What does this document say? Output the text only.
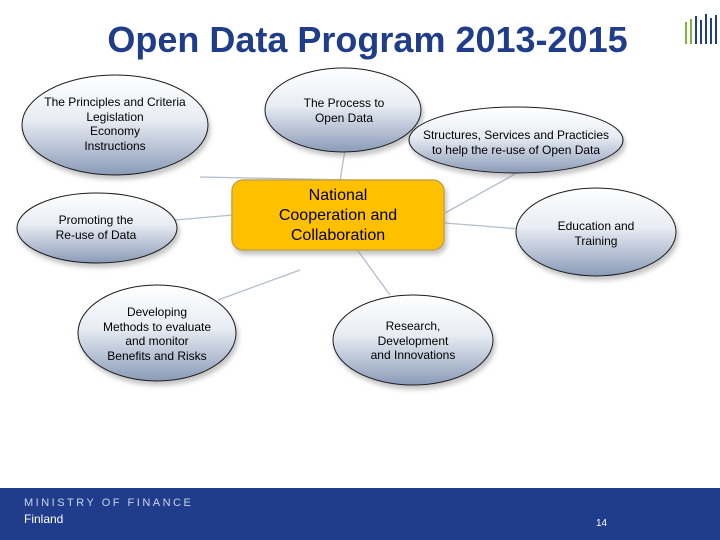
Open Data Program 2013-2015
The Principles and Criteria
Legislation
Economy
Instructions
The Process to
Open Data
Structures, Services and Practicies
to help the re-use of Open Data
Promoting the
Re-use of Data
National
Cooperation and
Collaboration
Education and
Training
Developing
Methods to evaluate
and monitor
Benefits and Risks
Research,
Development
and Innovations
MINISTRY OF FINANCE
Finland	14
